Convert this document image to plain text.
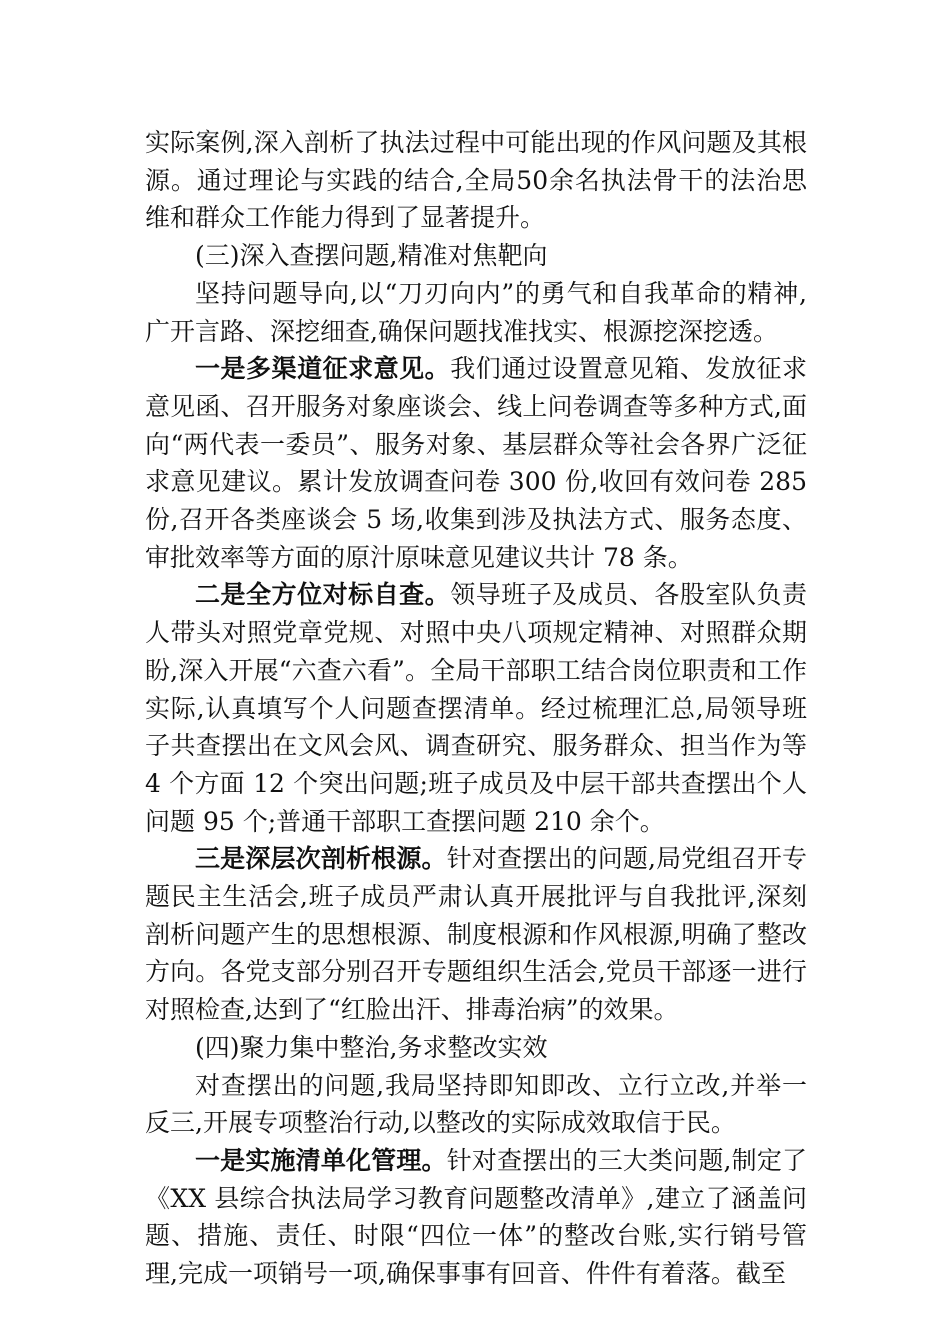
实际案例,深入剖析了执法过程中可能出现的作风问题及其根源。通过理论与实践的结合,全局50余名执法骨干的法治思维和群众工作能力得到了显著提升。

(三)深入查摆问题,精准对焦靶向

坚持问题导向,以“刀刃向内”的勇气和自我革命的精神,广开言路、深挖细查,确保问题找准找实、根源挖深挖透。

一是多渠道征求意见。我们通过设置意见箱、发放征求意见函、召开服务对象座谈会、线上问卷调查等多种方式,面向“两代表一委员”、服务对象、基层群众等社会各界广泛征求意见建议。累计发放调查问卷 300 份,收回有效问卷 285 份,召开各类座谈会 5 场,收集到涉及执法方式、服务态度、审批效率等方面的原汁原味意见建议共计 78 条。

二是全方位对标自查。领导班子及成员、各股室队负责人带头对照党章党规、对照中央八项规定精神、对照群众期盼,深入开展“六查六看”。全局干部职工结合岗位职责和工作实际,认真填写个人问题查摆清单。经过梳理汇总,局领导班子共查摆出在文风会风、调查研究、服务群众、担当作为等 4 个方面 12 个突出问题;班子成员及中层干部共查摆出个人问题 95 个;普通干部职工查摆问题 210 余个。

三是深层次剖析根源。针对查摆出的问题,局党组召开专题民主生活会,班子成员严肃认真开展批评与自我批评,深刻剖析问题产生的思想根源、制度根源和作风根源,明确了整改方向。各党支部分别召开专题组织生活会,党员干部逐一进行对照检查,达到了“红脸出汗、排毒治病”的效果。

(四)聚力集中整治,务求整改实效

对查摆出的问题,我局坚持即知即改、立行立改,并举一反三,开展专项整治行动,以整改的实际成效取信于民。

一是实施清单化管理。针对查摆出的三大类问题,制定了《XX 县综合执法局学习教育问题整改清单》,建立了涵盖问题、措施、责任、时限“四位一体”的整改台账,实行销号管理,完成一项销号一项,确保事事有回音、件件有着落。截至
